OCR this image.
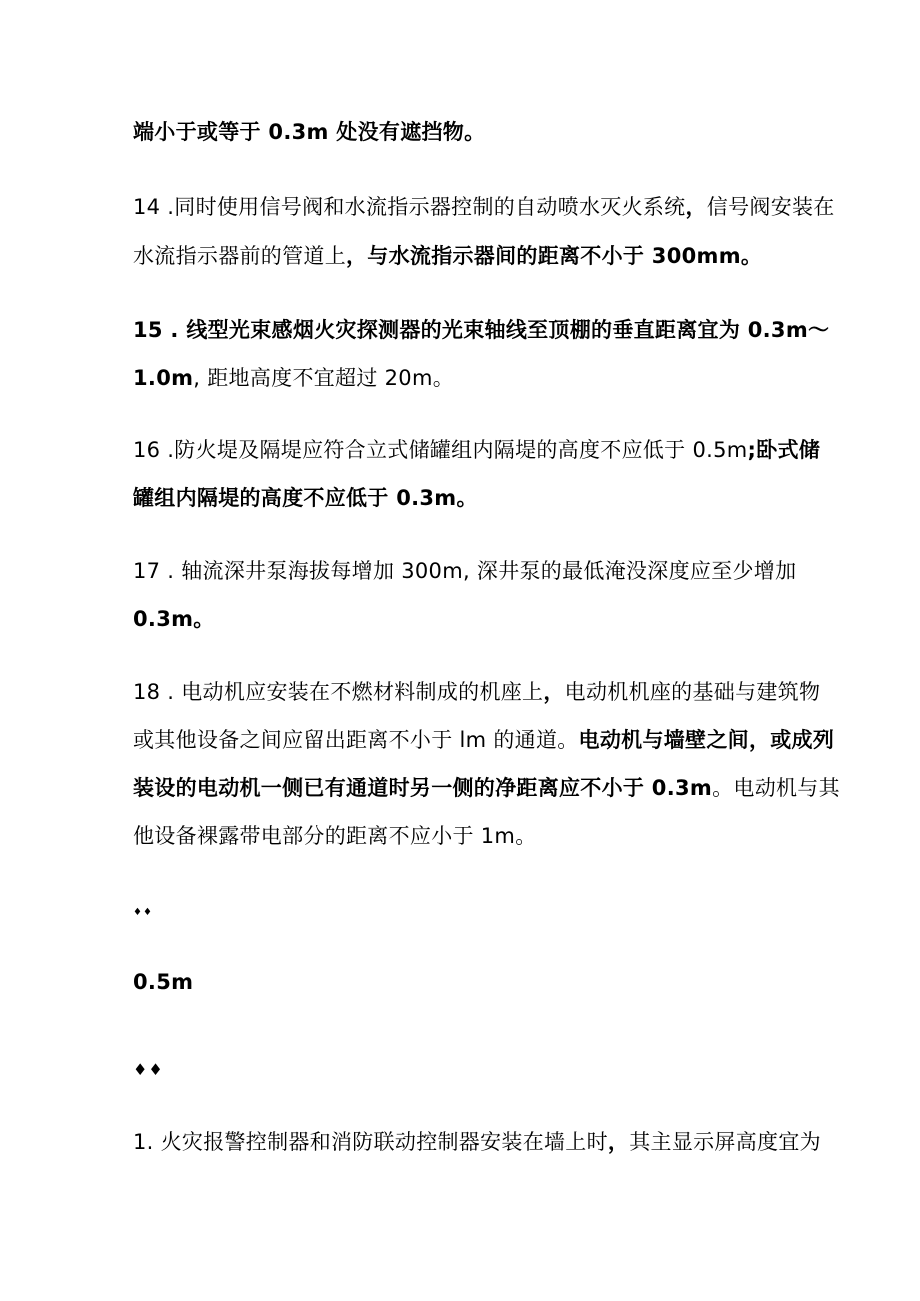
端小于或等于 0.3m 处没有遮挡物。
14 .同时使用信号阀和水流指示器控制的自动喷水灭火系统，信号阀安装在
水流指示器前的管道上，与水流指示器间的距离不小于 300mm。
15 . 线型光束感烟火灾探测器的光束轴线至顶棚的垂直距离宜为 0.3m～
1.0m, 距地高度不宜超过 20m。
16 .防火堤及隔堤应符合立式储罐组内隔堤的高度不应低于 0.5m;卧式储
罐组内隔堤的高度不应低于 0.3m。
17 . 轴流深井泵海拔每增加 300m, 深井泵的最低淹没深度应至少增加
0.3m。
18 . 电动机应安装在不燃材料制成的机座上，电动机机座的基础与建筑物
或其他设备之间应留出距离不小于 lm 的通道。电动机与墙壁之间，或成列
装设的电动机一侧已有通道时另一侧的净距离应不小于 0.3m。电动机与其
他设备裸露带电部分的距离不应小于 1m。
♦♦
0.5m
♦♦
1. 火灾报警控制器和消防联动控制器安装在墙上时，其主显示屏高度宜为
